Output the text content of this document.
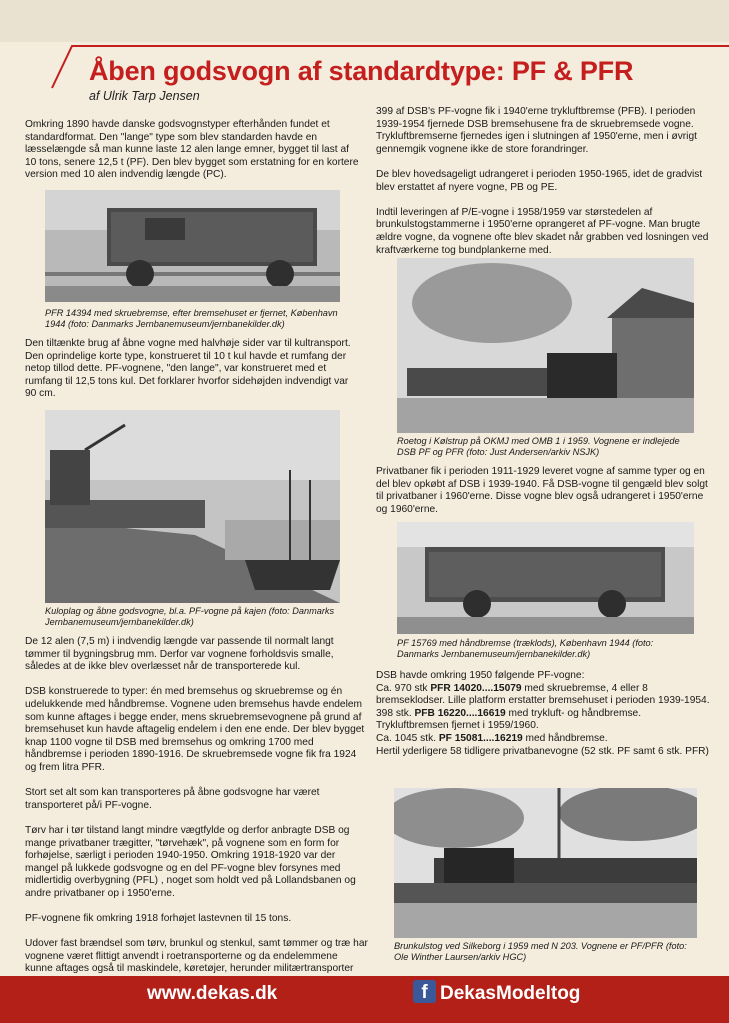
Åben godsvogn af standardtype: PF & PFR
af Ulrik Tarp Jensen

Omkring 1890 havde danske godsvognstyper efterhånden fundet et standardformat. Den "lange" type som blev standarden havde en læsselængde så man kunne laste 12 alen lange emner, bygget til last af 10 tons, senere 12,5 t (PF). Den blev bygget som erstatning for en kortere version med 10 alen indvendig længde (PC).

PFR 14394 med skruebremse, efter bremsehuset er fjernet, København 1944 (foto: Danmarks Jernbanemuseum/jernbanekilder.dk)

Den tiltænkte brug af åbne vogne med halvhøje sider var til kultransport. Den oprindelige korte type, konstrueret til 10 t kul havde et rumfang der netop tillod dette. PF-vognene, "den lange", var konstrueret med et rumfang til 12,5 tons kul. Det forklarer hvorfor sidehøjden indvendigt var 90 cm.

Kuloplag og åbne godsvogne, bl.a. PF-vogne på kajen (foto: Danmarks Jernbanemuseum/jernbanekilder.dk)

De 12 alen (7,5 m) i indvendig længde var passende til normalt langt tømmer til bygningsbrug mm. Derfor var vognene forholdsvis smalle, således at de ikke blev overlæsset når de transporterede kul.

DSB konstruerede to typer: én med bremsehus og skruebremse og én udelukkende med håndbremse. Vognene uden bremsehus havde endelem som kunne aftages i begge ender, mens skruebremsevognene på grund af bremsehuset kun havde aftagelig endelem i den ene ende. Der blev bygget knap 1100 vogne til DSB med bremsehus og omkring 1700 med håndbremse i perioden 1890-1916. De skruebremsede vogne fik fra 1924 og frem litra PFR.

Stort set alt som kan transporteres på åbne godsvogne har været transporteret på/i PF-vogne.

Tørv har i tør tilstand langt mindre vægtfylde og derfor anbragte DSB og mange privatbaner trægitter, "tørvehæk", på vognene som en form for forhøjelse, særligt i perioden 1940-1950. Omkring 1918-1920 var der mangel på lukkede godsvogne og en del PF-vogne blev forsynes med midlertidig overbygning (PFL) , noget som holdt ved på Lollandsbanen og andre privatbaner op i 1950'erne.

PF-vognene fik omkring 1918 forhøjet lastevnen til 15 tons.

Udover fast brændsel som tørv, brunkul og stenkul, samt tømmer og træ har vognene været flittigt anvendt i roetransporterne og da endelemmene kunne aftages også til maskindele, køretøjer, herunder militærtransporter

399 af DSB's PF-vogne fik i 1940'erne trykluftbremse (PFB). I perioden 1939-1954 fjernede DSB bremsehusene fra de skruebremsede vogne. Trykluftbremserne fjernedes igen i slutningen af 1950'erne, men i øvrigt gennemgik vognene ikke de store forandringer.

De blev hovedsageligt udrangeret i perioden 1950-1965, idet de gradvist blev erstattet af nyere vogne, PB og PE.

Indtil leveringen af P/E-vogne i 1958/1959 var størstedelen af brunkulstogstammerne i 1950'erne oprangeret af PF-vogne. Man brugte ældre vogne, da vognene ofte blev skadet når grabben ved losningen ved kraftværkerne tog bundplankerne med.

Roetog i Kølstrup på OKMJ med OMB 1 i 1959. Vognene er indlejede DSB PF og PFR (foto: Just Andersen/arkiv NSJK)

Privatbaner fik i perioden 1911-1929 leveret vogne af samme typer og en del blev opkøbt af DSB i 1939-1940. Få DSB-vogne til gengæld blev solgt til privatbaner i 1960'erne. Disse vogne blev også udrangeret i 1950'erne og 1960'erne.

PF 15769 med håndbremse (træklods), København 1944 (foto: Danmarks Jernbanemuseum/jernbanekilder.dk)

DSB havde omkring 1950 følgende PF-vogne:
Ca. 970 stk PFR 14020....15079 med skruebremse, 4 eller 8 bremseklodser. Lille platform erstatter bremsehuset i perioden 1939-1954.
398 stk. PFB 16220....16619 med trykluft- og håndbremse.
Trykluftbremsen fjernet i 1959/1960.
Ca. 1045 stk. PF 15081....16219 med håndbremse.
Hertil yderligere 58 tidligere privatbanevogne (52 stk. PF samt 6 stk. PFR)

Brunkulstog ved Silkeborg i 1959 med N 203. Vognene er PF/PFR (foto: Ole Winther Laursen/arkiv HGC)

www.dekas.dk	f DekasModeltog
